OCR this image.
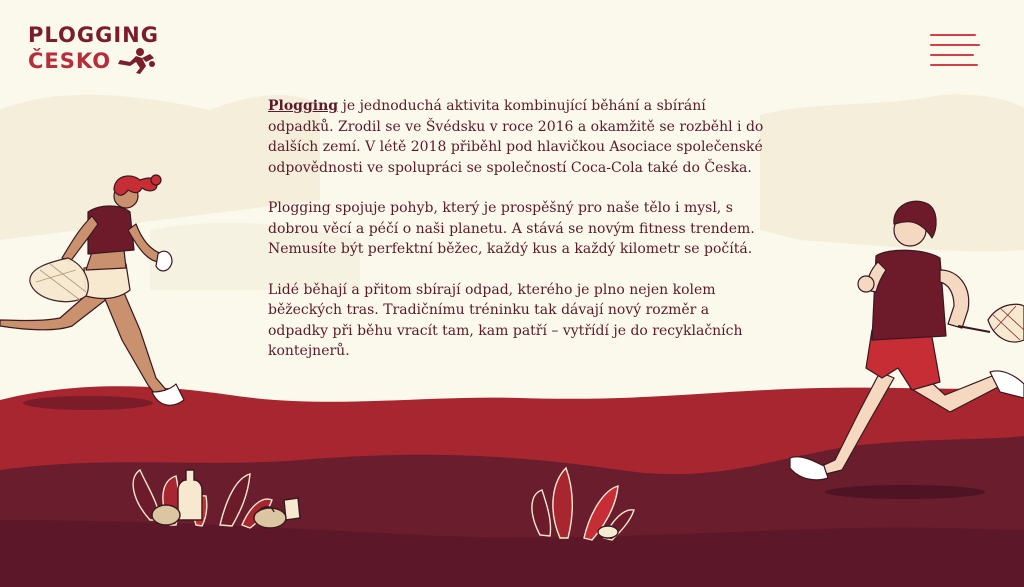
PLOGGING
ČESKO

Plogging je jednoduchá aktivita kombinující běhání a sbírání odpadků. Zrodil se ve Švédsku v roce 2016 a okamžitě se rozběhl i do dalších zemí. V létě 2018 přiběhl pod hlavičkou Asociace společenské odpovědnosti ve spolupráci se společností Coca-Cola také do Česka.

Plogging spojuje pohyb, který je prospěšný pro naše tělo i mysl, s dobrou věcí a péčí o naši planetu. A stává se novým fitness trendem. Nemusíte být perfektní běžec, každý kus a každý kilometr se počítá.

Lidé běhají a přitom sbírají odpad, kterého je plno nejen kolem běžeckých tras. Tradičnímu tréninku tak dávají nový rozměr a odpadky při běhu vracít tam, kam patří – vytřídí je do recyklačních kontejnerů.
